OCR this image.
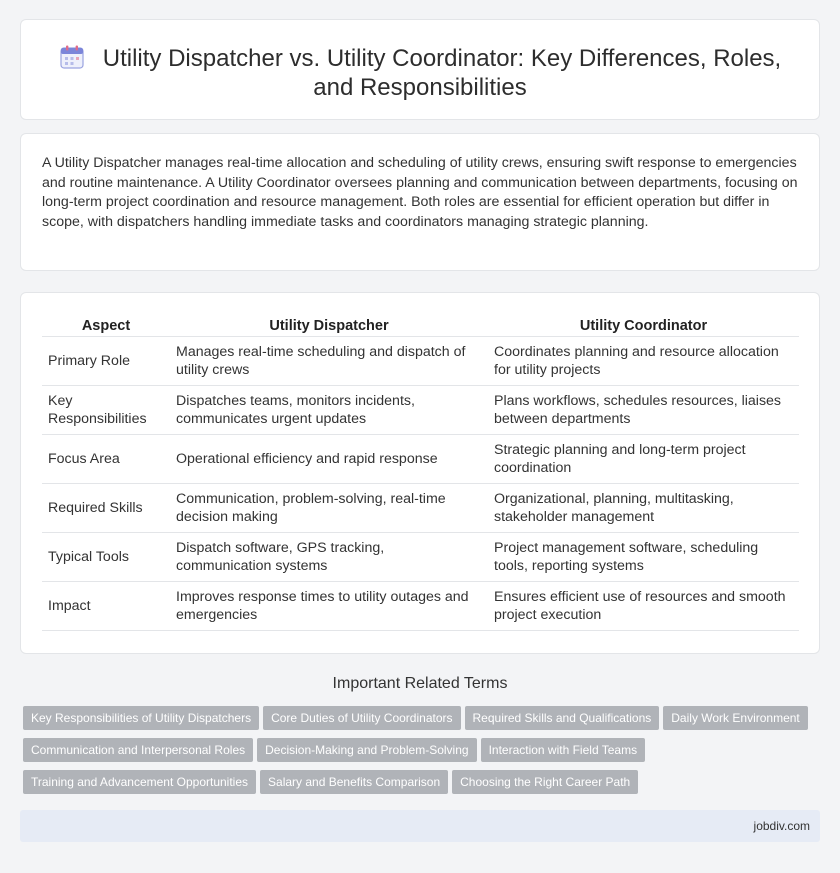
Utility Dispatcher vs. Utility Coordinator: Key Differences, Roles,
and Responsibilities

A Utility Dispatcher manages real-time allocation and scheduling of utility crews, ensuring swift response to emergencies and routine maintenance. A Utility Coordinator oversees planning and communication between departments, focusing on long-term project coordination and resource management. Both roles are essential for efficient operation but differ in scope, with dispatchers handling immediate tasks and coordinators managing strategic planning.

Aspect	Utility Dispatcher	Utility Coordinator
Primary Role	Manages real-time scheduling and dispatch of utility crews	Coordinates planning and resource allocation for utility projects
Key Responsibilities	Dispatches teams, monitors incidents, communicates urgent updates	Plans workflows, schedules resources, liaises between departments
Focus Area	Operational efficiency and rapid response	Strategic planning and long-term project coordination
Required Skills	Communication, problem-solving, real-time decision making	Organizational, planning, multitasking, stakeholder management
Typical Tools	Dispatch software, GPS tracking, communication systems	Project management software, scheduling tools, reporting systems
Impact	Improves response times to utility outages and emergencies	Ensures efficient use of resources and smooth project execution
Important Related Terms
Key Responsibilities of Utility Dispatchers Core Duties of Utility Coordinators Required Skills and Qualifications Daily Work Environment
Communication and Interpersonal Roles Decision-Making and Problem-Solving Interaction with Field Teams
Training and Advancement Opportunities Salary and Benefits Comparison Choosing the Right Career Path
jobdiv.com
